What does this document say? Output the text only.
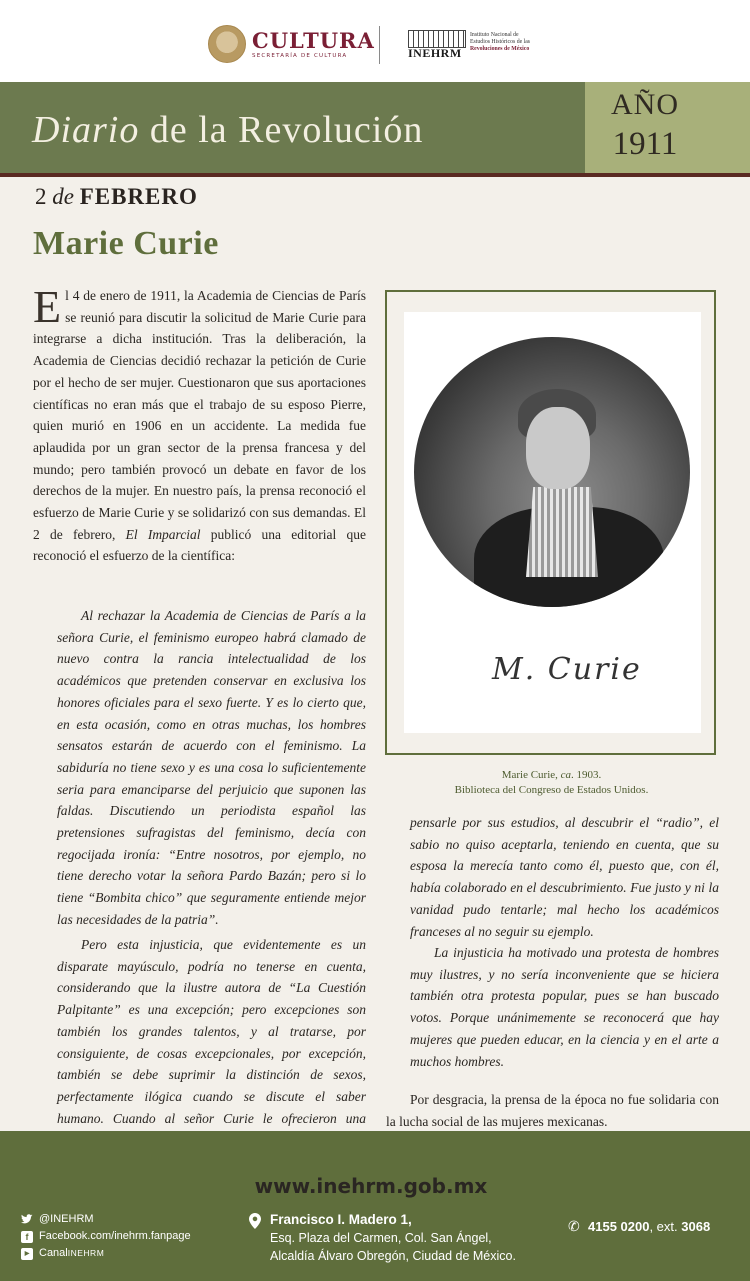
CULTURA
SECRETARÍA DE CULTURA	INEHRM
Instituto Nacional de
Estudios Históricos de las
Revoluciones de México
Diario de la Revolución
AÑO
1911
2 de FEBRERO
Marie Curie
El 4 de enero de 1911, la Academia de Ciencias de París se reunió para discutir la solicitud de Marie Curie para integrarse a dicha institución. Tras la deliberación, la Academia de Ciencias decidió rechazar la petición de Curie por el hecho de ser mujer. Cuestionaron que sus aportaciones científicas no eran más que el trabajo de su esposo Pierre, quien murió en 1906 en un accidente. La medida fue aplaudida por un gran sector de la prensa francesa y del mundo; pero también provocó un debate en favor de los derechos de la mujer. En nuestro país, la prensa reconoció el esfuerzo de Marie Curie y se solidarizó con sus demandas. El 2 de febrero, El Imparcial publicó una editorial que reconoció el esfuerzo de la científica:
Al rechazar la Academia de Ciencias de París a la señora Curie, el feminismo europeo habrá clamado de nuevo contra la rancia intelectualidad de los académicos que pretenden conservar en exclusiva los honores oficiales para el sexo fuerte. Y es lo cierto que, en esta ocasión, como en otras muchas, los hombres sensatos estarán de acuerdo con el feminismo. La sabiduría no tiene sexo y es una cosa lo suficientemente seria para emanciparse del perjuicio que suponen las faldas. Discutiendo un periodista español las pretensiones sufragistas del feminismo, decía con regocijada ironía: “Entre nosotros, por ejemplo, no tiene derecho votar la señora Pardo Bazán; pero si lo tiene “Bombita chico” que seguramente entiende mejor las necesidades de la patria”.
Pero esta injusticia, que evidentemente es un disparate mayúsculo, podría no tenerse en cuenta, considerando que la ilustre autora de “La Cuestión Palpitante” es una excepción; pero excepciones son también los grandes talentos, y al tratarse, por consiguiente, de cosas excepcionales, por excepción, también se debe suprimir la distinción de sexos, perfectamente ilógica cuando se discute el saber humano. Cuando al señor Curie le ofrecieron una
M. Curie
Marie Curie, ca. 1903.
Biblioteca del Congreso de Estados Unidos.
pensarle por sus estudios, al descubrir el “radio”, el sabio no quiso aceptarla, teniendo en cuenta, que su esposa la merecía tanto como él, puesto que, con él, había colaborado en el descubrimiento. Fue justo y ni la vanidad pudo tentarle; mal hecho los académicos franceses al no seguir su ejemplo.
La injusticia ha motivado una protesta de hombres muy ilustres, y no sería inconveniente que se hiciera también otra protesta popular, pues se han buscado votos. Porque unánimemente se reconocerá que hay mujeres que pueden educar, en la ciencia y en el arte a muchos hombres.
Por desgracia, la prensa de la época no fue solidaria con la lucha social de las mujeres mexicanas.
www.inehrm.gob.mx
@INEHRM
f Facebook.com/inehrm.fanpage
▶ Canal INEHRM
Francisco I. Madero 1,
Esq. Plaza del Carmen, Col. San Ángel,
Alcaldía Álvaro Obregón, Ciudad de México.
✆ 4155 0200, ext. 3068
